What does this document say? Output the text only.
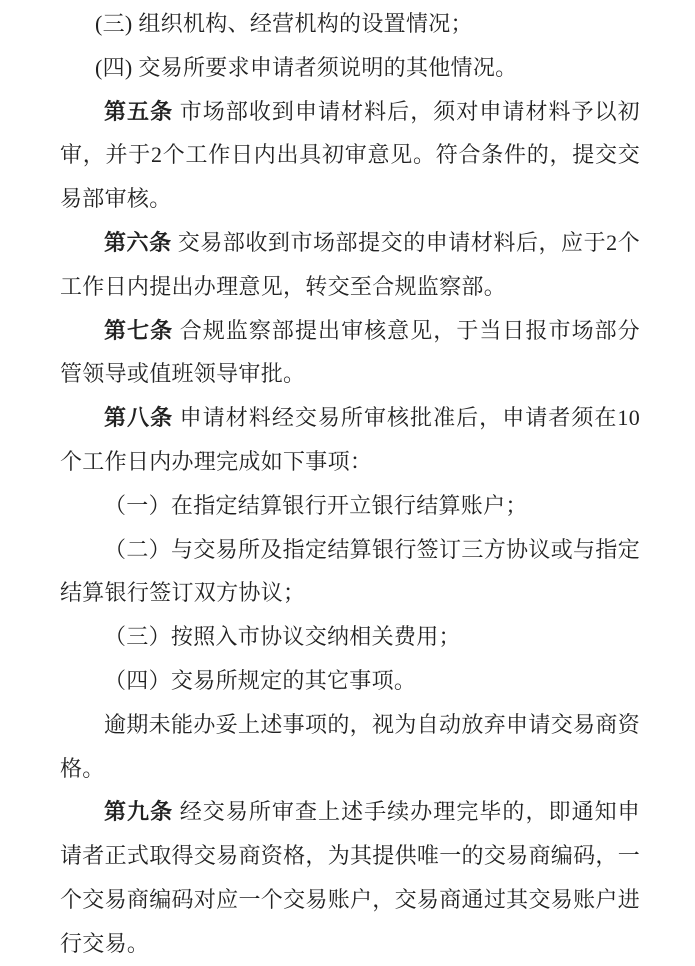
(三) 组织机构、经营机构的设置情况；

(四) 交易所要求申请者须说明的其他情况。

第五条 市场部收到申请材料后，须对申请材料予以初审，并于2个工作日内出具初审意见。符合条件的，提交交易部审核。

第六条 交易部收到市场部提交的申请材料后，应于2个工作日内提出办理意见，转交至合规监察部。

第七条 合规监察部提出审核意见，于当日报市场部分管领导或值班领导审批。

第八条 申请材料经交易所审核批准后，申请者须在10个工作日内办理完成如下事项：

（一）在指定结算银行开立银行结算账户；

（二）与交易所及指定结算银行签订三方协议或与指定结算银行签订双方协议；

（三）按照入市协议交纳相关费用；

（四）交易所规定的其它事项。

逾期未能办妥上述事项的，视为自动放弃申请交易商资格。

第九条 经交易所审查上述手续办理完毕的，即通知申请者正式取得交易商资格，为其提供唯一的交易商编码，一个交易商编码对应一个交易账户，交易商通过其交易账户进行交易。
